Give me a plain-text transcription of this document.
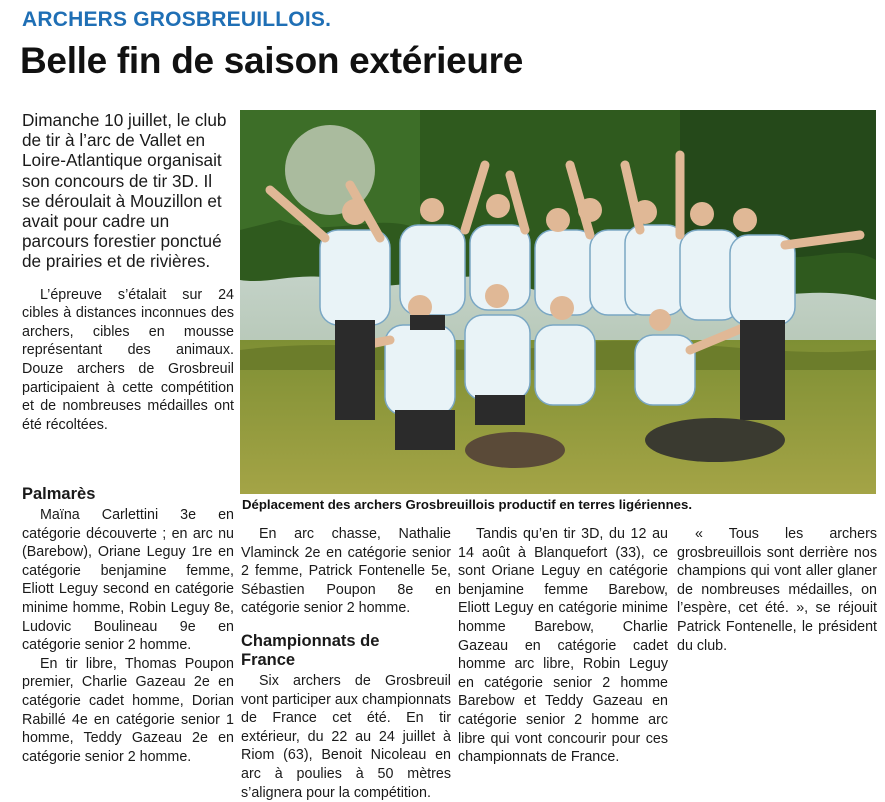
ARCHERS GROSBREUILLOIS.
Belle fin de saison extérieure

Dimanche 10 juillet, le club de tir à l’arc de Vallet en Loire-Atlantique organisait son concours de tir 3D. Il se déroulait à Mouzillon et avait pour cadre un parcours forestier ponctué de prairies et de rivières.

L’épreuve s’étalait sur 24 cibles à distances inconnues des archers, cibles en mousse représentant des animaux. Douze archers de Grosbreuil participaient à cette compétition et de nombreuses médailles ont été récoltées.

Déplacement des archers Grosbreuillois productif en terres ligériennes.
Palmarès

Maïna Carlettini 3e en catégorie découverte ; en arc nu (Barebow), Oriane Leguy 1re en catégorie benjamine femme, Eliott Leguy second en catégorie minime homme, Robin Leguy 8e, Ludovic Boulineau 9e en catégorie senior 2 homme.

En tir libre, Thomas Poupon premier, Charlie Gazeau 2e en catégorie cadet homme, Dorian Rabillé 4e en catégorie senior 1 homme, Teddy Gazeau 2e en catégorie senior 2 homme.

En arc chasse, Nathalie Vlaminck 2e en catégorie senior 2 femme, Patrick Fontenelle 5e, Sébastien Poupon 8e en catégorie senior 2 homme.

Championnats de France

Six archers de Grosbreuil vont participer aux championnats de France cet été. En tir extérieur, du 22 au 24 juillet à Riom (63), Benoit Nicoleau en arc à poulies à 50 mètres s’alignera pour la compétition.

Tandis qu’en tir 3D, du 12 au 14 août à Blanquefort (33), ce sont Oriane Leguy en catégorie benjamine femme Barebow, Eliott Leguy en catégorie minime homme Barebow, Charlie Gazeau en catégorie cadet homme arc libre, Robin Leguy en catégorie senior 2 homme Barebow et Teddy Gazeau en catégorie senior 2 homme arc libre qui vont concourir pour ces championnats de France.

« Tous les archers grosbreuillois sont derrière nos champions qui vont aller glaner de nombreuses médailles, on l’espère, cet été. », se réjouit Patrick Fontenelle, le président du club.
